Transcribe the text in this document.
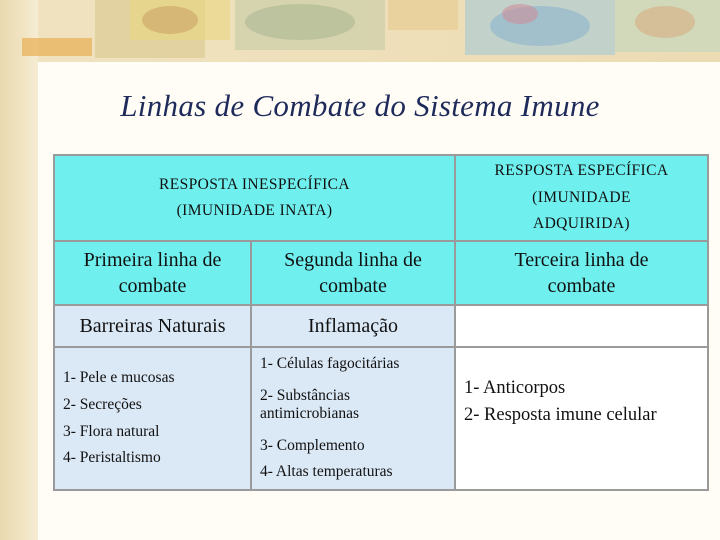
Linhas de Combate do Sistema Imune
RESPOSTA INESPECÍFICA
(IMUNIDADE INATA)
RESPOSTA ESPECÍFICA
(IMUNIDADE
ADQUIRIDA)
Primeira linha de
combate
Segunda linha de
combate
Terceira linha de
combate
Barreiras Naturais	Inflamação
1- Pele e mucosas
2- Secreções
3- Flora natural
4- Peristaltismo
1- Células fagocitárias
2- Substâncias
antimicrobianas
3- Complemento
4- Altas temperaturas
1- Anticorpos
2- Resposta imune celular
